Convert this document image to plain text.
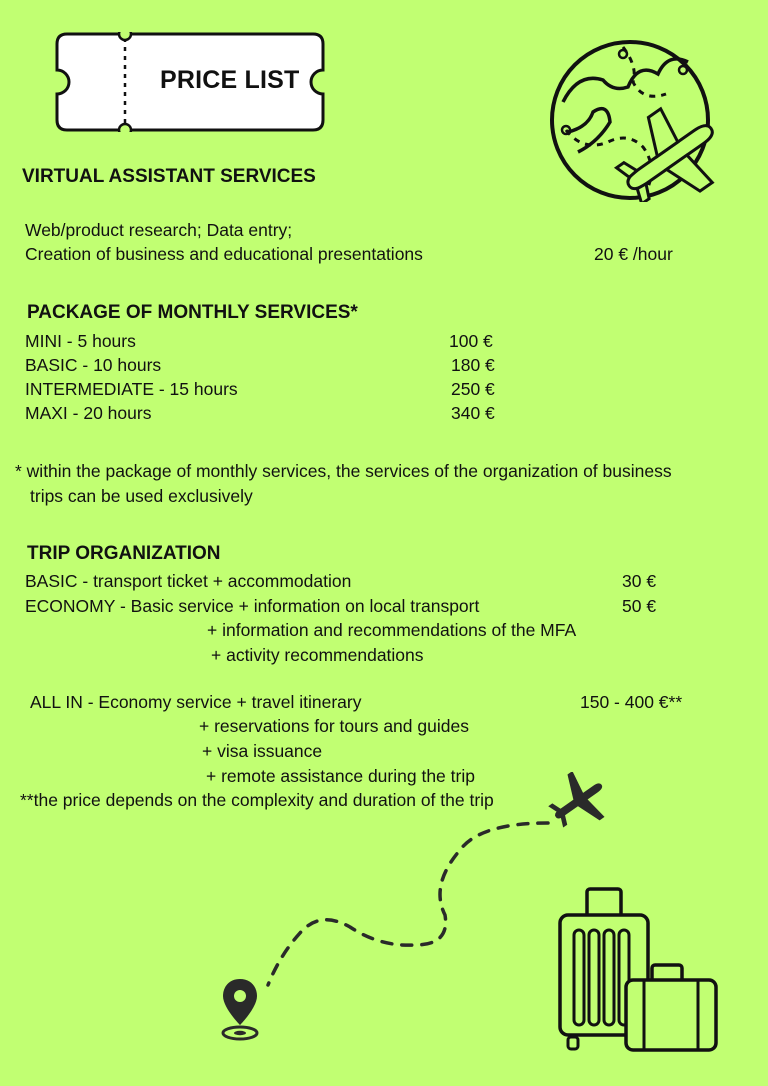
PRICE LIST
VIRTUAL ASSISTANT SERVICES
Web/product research; Data entry;
Creation of business and educational presentations	20 € /hour
PACKAGE OF MONTHLY SERVICES*
MINI - 5 hours	100 €
BASIC - 10 hours	180 €
INTERMEDIATE - 15 hours	250 €
MAXI - 20 hours	340 €
* within the package of monthly services, the services of the organization of business
trips can be used exclusively
TRIP ORGANIZATION
BASIC - transport ticket + accommodation	30 €
ECONOMY - Basic service + information on local transport	50 €
+ information and recommendations of the MFA
+ activity recommendations
ALL IN - Economy service + travel itinerary	150 - 400 €**
+ reservations for tours and guides
+ visa issuance
+ remote assistance during the trip
**the price depends on the complexity and duration of the trip
